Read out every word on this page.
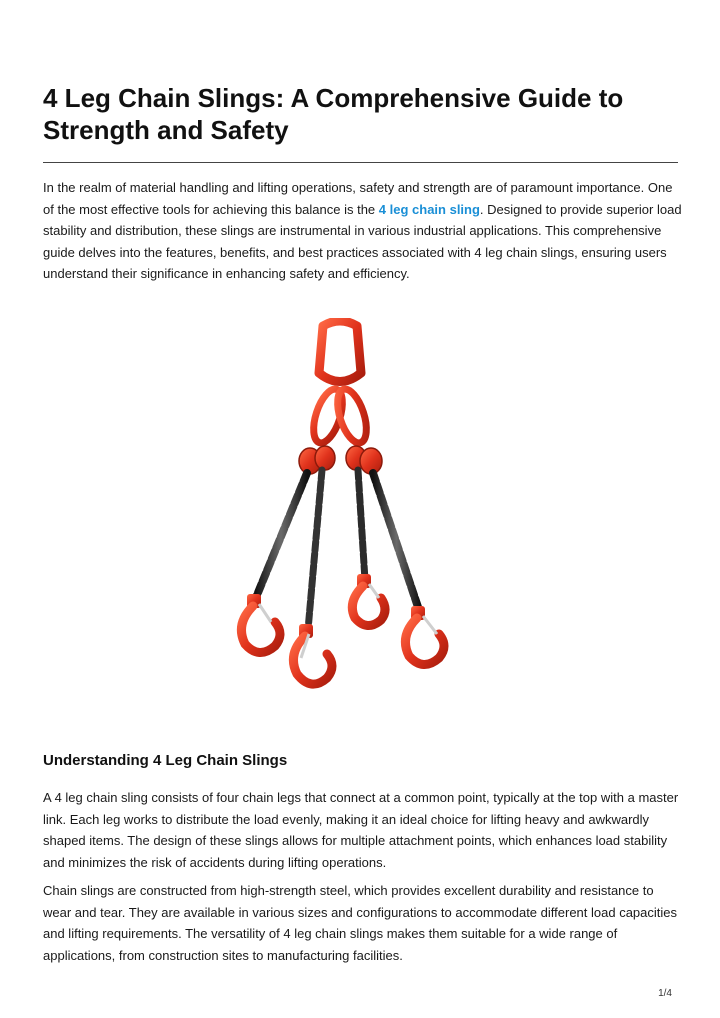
4 Leg Chain Slings: A Comprehensive Guide to Strength and Safety

In the realm of material handling and lifting operations, safety and strength are of paramount importance. One of the most effective tools for achieving this balance is the 4 leg chain sling. Designed to provide superior load stability and distribution, these slings are instrumental in various industrial applications. This comprehensive guide delves into the features, benefits, and best practices associated with 4 leg chain slings, ensuring users understand their significance in enhancing safety and efficiency.

Understanding 4 Leg Chain Slings

A 4 leg chain sling consists of four chain legs that connect at a common point, typically at the top with a master link. Each leg works to distribute the load evenly, making it an ideal choice for lifting heavy and awkwardly shaped items. The design of these slings allows for multiple attachment points, which enhances load stability and minimizes the risk of accidents during lifting operations.

Chain slings are constructed from high-strength steel, which provides excellent durability and resistance to wear and tear. They are available in various sizes and configurations to accommodate different load capacities and lifting requirements. The versatility of 4 leg chain slings makes them suitable for a wide range of applications, from construction sites to manufacturing facilities.

1/4
